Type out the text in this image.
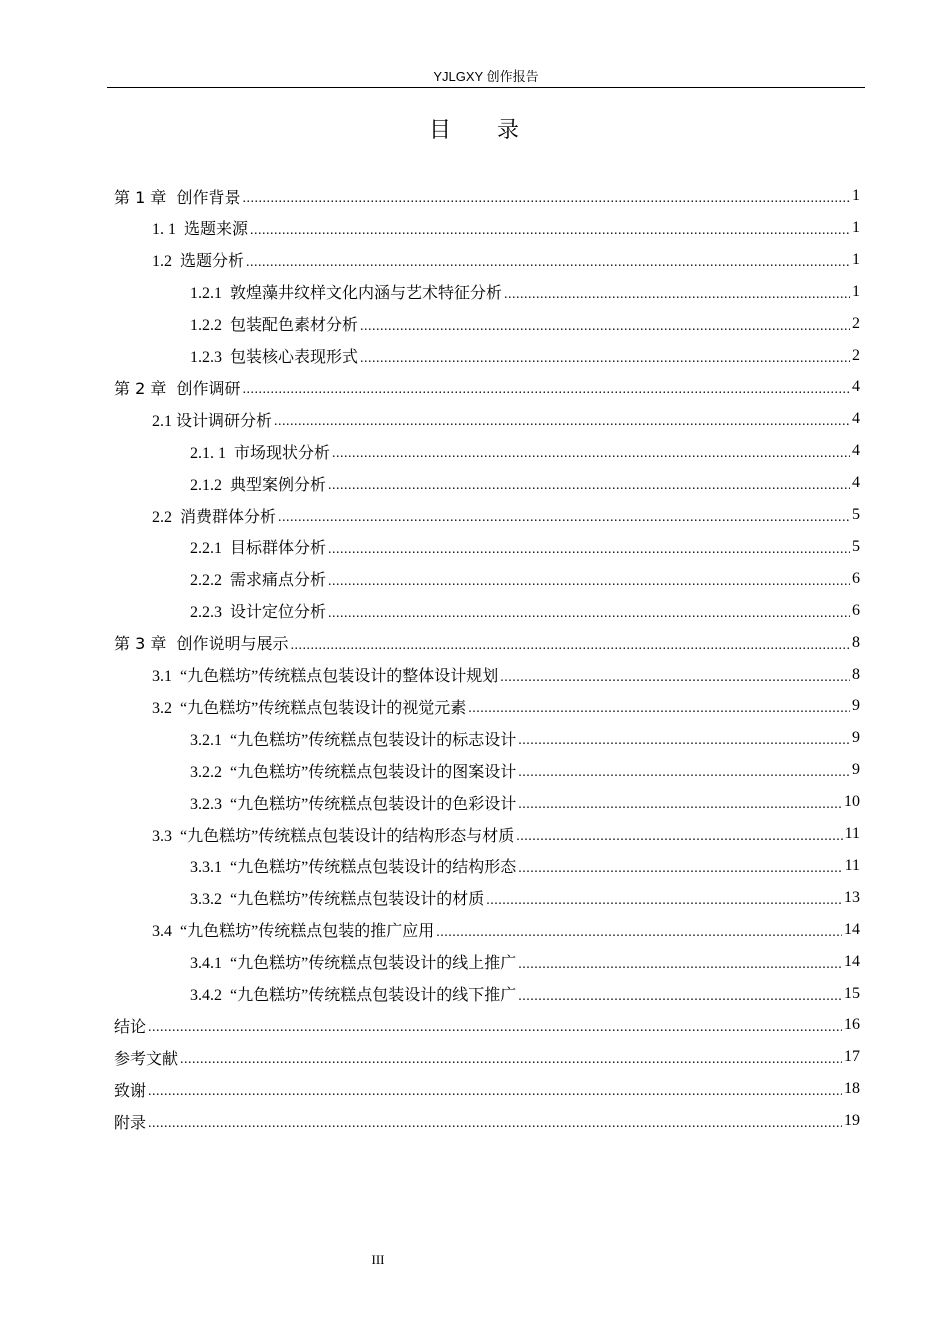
YJLGXY 创作报告
目 录
第 1 章  创作背景 .....	1
1. 1  选题来源 .....	1
1.2  选题分析 .....	1
1.2.1  敦煌藻井纹样文化内涵与艺术特征分析 .....	1
1.2.2  包装配色素材分析 .....	2
1.2.3  包装核心表现形式 .....	2
第 2 章  创作调研 .....	4
2.1 设计调研分析 .....	4
2.1. 1  市场现状分析 .....	4
2.1.2  典型案例分析 .....	4
2.2  消费群体分析 .....	5
2.2.1  目标群体分析 .....	5
2.2.2  需求痛点分析 .....	6
2.2.3  设计定位分析 .....	6
第 3 章  创作说明与展示 .....	8
3.1  “九色糕坊”传统糕点包装设计的整体设计规划 .....	8
3.2  “九色糕坊”传统糕点包装设计的视觉元素 .....	9
3.2.1  “九色糕坊”传统糕点包装设计的标志设计 .....	9
3.2.2  “九色糕坊”传统糕点包装设计的图案设计 .....	9
3.2.3  “九色糕坊”传统糕点包装设计的色彩设计 .....	10
3.3  “九色糕坊”传统糕点包装设计的结构形态与材质 .....	11
3.3.1  “九色糕坊”传统糕点包装设计的结构形态 .....	11
3.3.2  “九色糕坊”传统糕点包装设计的材质 .....	13
3.4  “九色糕坊”传统糕点包装的推广应用 .....	14
3.4.1  “九色糕坊”传统糕点包装设计的线上推广 .....	14
3.4.2  “九色糕坊”传统糕点包装设计的线下推广 .....	15
结论 .....	16
参考文献 .....	17
致谢 .....	18
附录 .....	19
III
